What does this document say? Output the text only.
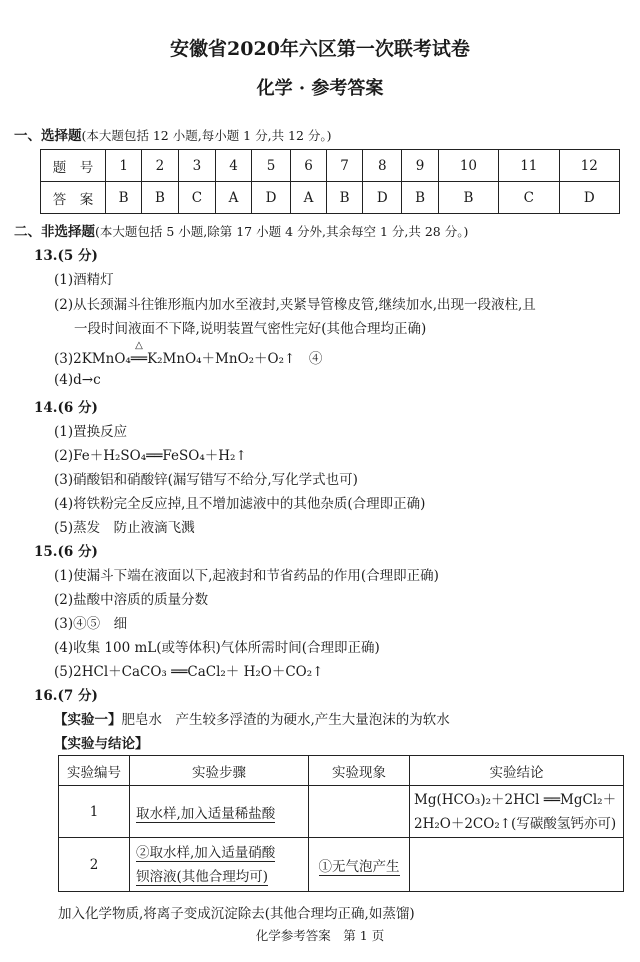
安徽省2020年六区第一次联考试卷
化学 · 参考答案
一、选择题(本大题包括 12 小题,每小题 1 分,共 12 分。)
题　号	1	2	3	4	5	6	7	8	9	10	11	12
答　案	B	B	C	A	D	A	B	D	B	B	C	D
二、非选择题(本大题包括 5 小题,除第 17 小题 4 分外,其余每空 1 分,共 28 分。)
13.(5 分)
(1)酒精灯
(2)从长颈漏斗往锥形瓶内加水至液封,夹紧导管橡皮管,继续加水,出现一段液柱,且
一段时间液面不下降,说明装置气密性完好(其他合理均正确)
(3)2KMnO₄
△
══K₂MnO₄＋MnO₂＋O₂↑　④
(4)d→c
14.(6 分)
(1)置换反应
(2)Fe＋H₂SO₄══FeSO₄＋H₂↑
(3)硝酸铝和硝酸锌(漏写错写不给分,写化学式也可)
(4)将铁粉完全反应掉,且不增加滤液中的其他杂质(合理即正确)
(5)蒸发　防止液滴飞溅
15.(6 分)
(1)使漏斗下端在液面以下,起液封和节省药品的作用(合理即正确)
(2)盐酸中溶质的质量分数
(3)④⑤　细
(4)收集 100 mL(或等体积)气体所需时间(合理即正确)
(5)2HCl＋CaCO₃ ══CaCl₂＋ H₂O＋CO₂↑
16.(7 分)
【实验一】肥皂水　产生较多浮渣的为硬水,产生大量泡沫的为软水
【实验与结论】
实验编号	实验步骤	实验现象	实验结论
1	取水样,加入适量稀盐酸		Mg(HCO₃)₂＋2HCl ══MgCl₂＋
2H₂O＋2CO₂↑(写碳酸氢钙亦可)

2	②取水样,加入适量硝酸
钡溶液(其他合理均可)	①无气泡产生	
加入化学物质,将离子变成沉淀除去(其他合理均正确,如蒸馏)
化学参考答案　第 1 页
